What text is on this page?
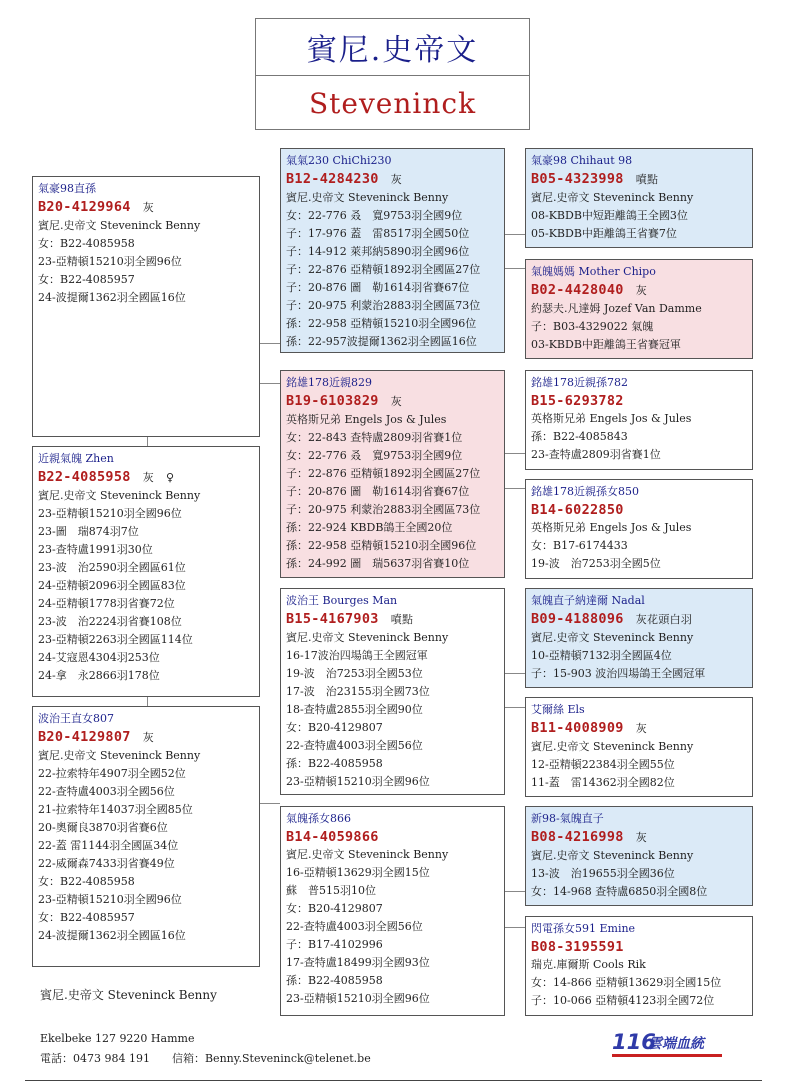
賓尼.史帝文
Steveninck
氣豪98直孫
B20-4129964 灰
賓尼.史帝文 Steveninck Benny
女：B22-4085958
23-亞精頓15210羽全國96位
女：B22-4085957
24-波提爾1362羽全國區16位
近親氣魄 Zhen
B22-4085958 灰 ♀
賓尼.史帝文 Steveninck Benny
23-亞精頓15210羽全國96位
23-圖　瑞874羽7位
23-查特盧1991羽30位
23-波　治2590羽全國區61位
24-亞精頓2096羽全國區83位
24-亞精頓1778羽省賽72位
23-波　治2224羽省賽108位
23-亞精頓2263羽全國區114位
24-艾寇恩4304羽253位
24-拿　永2866羽178位
波治王直女807
B20-4129807 灰
賓尼.史帝文 Steveninck Benny
22-拉索特年4907羽全國52位
22-查特盧4003羽全國56位
21-拉索特年14037羽全國85位
20-奧爾良3870羽省賽6位
22-蓋 雷1144羽全國區34位
22-威爾森7433羽省賽49位
女：B22-4085958
23-亞精頓15210羽全國96位
女：B22-4085957
24-波提爾1362羽全國區16位
賓尼.史帝文 Steveninck Benny
氣氣230 ChiChi230
B12-4284230 灰
賓尼.史帝文 Steveninck Benny
女：22-776 叒　寬9753羽全國9位
子：17-976 蓋　雷8517羽全國50位
子：14-912 萊邦納5890羽全國96位
子：22-876 亞精頓1892羽全國區27位
子：20-876 圖　勒1614羽省賽67位
子：20-975 利蒙治2883羽全國區73位
孫：22-958 亞精頓15210羽全國96位
孫：22-957波提爾1362羽全國區16位
銘雄178近親829
B19-6103829 灰
英格斯兄弟 Engels Jos & Jules
女：22-843 查特盧2809羽省賽1位
女：22-776 叒　寬9753羽全國9位
子：22-876 亞精頓1892羽全國區27位
子：20-876 圖　勒1614羽省賽67位
子：20-975 利蒙治2883羽全國區73位
孫：22-924 KBDB鴿王全國20位
孫：22-958 亞精頓15210羽全國96位
孫：24-992 圖　瑞5637羽省賽10位
波治王 Bourges Man
B15-4167903 噴點
賓尼.史帝文 Steveninck Benny
16-17波治四場鴿王全國冠軍
19-波　治7253羽全國53位
17-波　治23155羽全國73位
18-查特盧2855羽全國90位
女：B20-4129807
22-查特盧4003羽全國56位
孫：B22-4085958
23-亞精頓15210羽全國96位
氣魄孫女866
B14-4059866
賓尼.史帝文 Steveninck Benny
16-亞精頓13629羽全國15位
蘇　普515羽10位
女：B20-4129807
22-查特盧4003羽全國56位
子：B17-4102996
17-查特盧18499羽全國93位
孫：B22-4085958
23-亞精頓15210羽全國96位
氣豪98 Chihaut 98
B05-4323998 噴點
賓尼.史帝文 Steveninck Benny
08-KBDB中短距離鴿王全國3位
05-KBDB中距離鴿王省賽7位
氣魄媽媽 Mother Chipo
B02-4428040 灰
約瑟夫.凡達姆 Jozef Van Damme
子：B03-4329022 氣魄
03-KBDB中距離鴿王省賽冠軍
銘雄178近親孫782
B15-6293782
英格斯兄弟 Engels Jos & Jules
孫：B22-4085843
23-查特盧2809羽省賽1位
銘雄178近親孫女850
B14-6022850
英格斯兄弟 Engels Jos & Jules
女：B17-6174433
19-波　治7253羽全國5位
氣魄直子納達爾 Nadal
B09-4188096 灰花頭白羽
賓尼.史帝文 Steveninck Benny
10-亞精頓7132羽全國區4位
子：15-903 波治四場鴿王全國冠軍
艾爾絲 Els
B11-4008909 灰
賓尼.史帝文 Steveninck Benny
12-亞精頓22384羽全國55位
11-蓋　雷14362羽全國82位
新98-氣魄直子
B08-4216998 灰
賓尼.史帝文 Steveninck Benny
13-波　治19655羽全國36位
女：14-968 查特盧6850羽全國8位
閃電孫女591 Emine
B08-3195591
瑞克.庫爾斯 Cools Rik
女：14-866 亞精頓13629羽全國15位
子：10-066 亞精頓4123羽全國72位
Ekelbeke 127 9220 Hamme
電話：0473 984 191　　信箱：Benny.Steveninck@telenet.be
116
雲端血統
